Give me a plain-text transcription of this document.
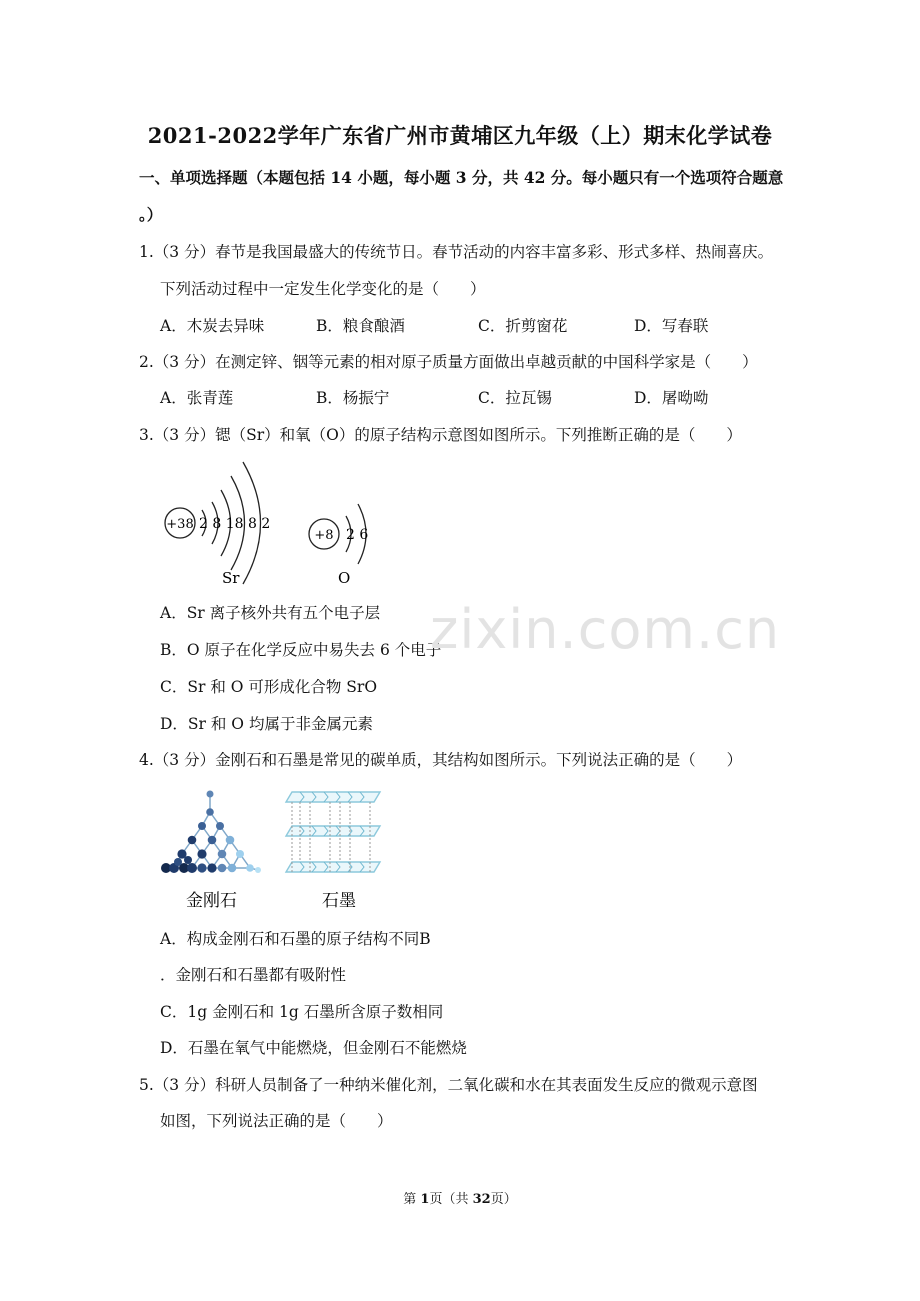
2021-2022学年广东省广州市黄埔区九年级（上）期末化学试卷
一、单项选择题（本题包括 14 小题，每小题 3 分，共 42 分。每小题只有一个选项符合题意
。）
1.（3 分）春节是我国最盛大的传统节日。春节活动的内容丰富多彩、形式多样、热闹喜庆。
下列活动过程中一定发生化学变化的是（　　）
A．木炭去异味	B．粮食酿酒	C．折剪窗花	D．写春联
2.（3 分）在测定锌、铟等元素的相对原子质量方面做出卓越贡献的中国科学家是（　　）
A．张青莲	B．杨振宁	C．拉瓦锡	D．屠呦呦
3.（3 分）锶（Sr）和氧（O）的原子结构示意图如图所示。下列推断正确的是（　　）
+38 2 8 18 8 2
Sr
+8 2 6
O
A．Sr 离子核外共有五个电子层
B．O 原子在化学反应中易失去 6 个电子
C．Sr 和 O 可形成化合物 SrO
D．Sr 和 O 均属于非金属元素
zixin.com.cn
4.（3 分）金刚石和石墨是常见的碳单质，其结构如图所示。下列说法正确的是（　　）
金刚石	石墨
A．构成金刚石和石墨的原子结构不同B
．金刚石和石墨都有吸附性
C．1g 金刚石和 1g 石墨所含原子数相同
D．石墨在氧气中能燃烧，但金刚石不能燃烧
5.（3 分）科研人员制备了一种纳米催化剂，二氧化碳和水在其表面发生反应的微观示意图
如图，下列说法正确的是（　　）
第 1页（共 32页）
